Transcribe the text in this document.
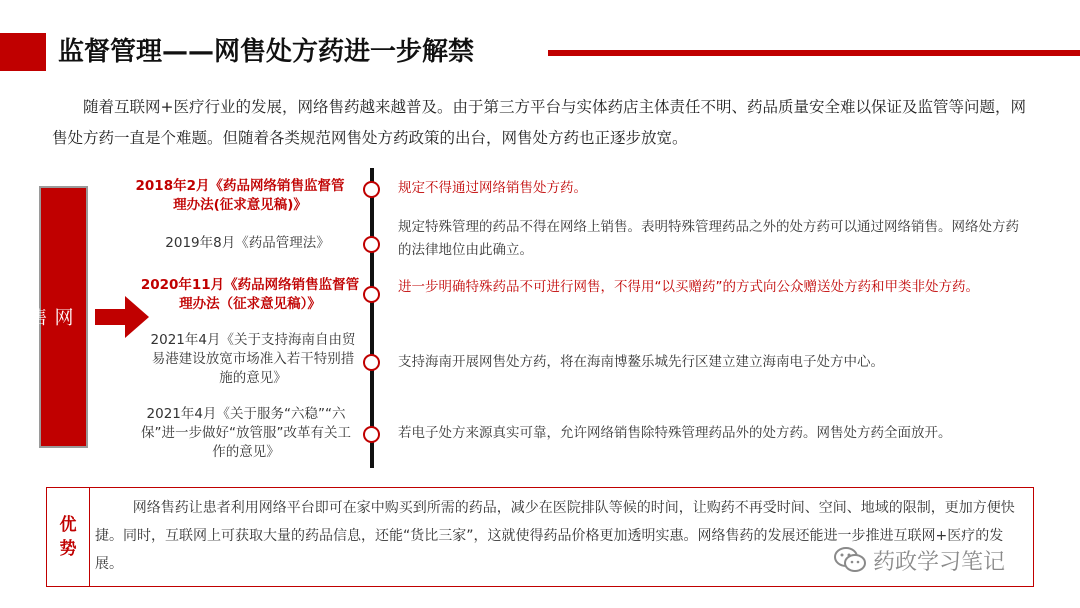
监督管理——网售处方药进一步解禁
随着互联网+医疗行业的发展，网络售药越来越普及。由于第三方平台与实体药店主体责任不明、药品质量安全难以保证及监管等问题，网售处方药一直是个难题。但随着各类规范网售处方药政策的出台，网售处方药也正逐步放宽。
网
售
处
2018年2月《药品网络销售监督管理办法(征求意见稿)》
2019年8月《药品管理法》
2020年11月《药品网络销售监督管理办法（征求意见稿）》
2021年4月《关于支持海南自由贸易港建设放宽市场准入若干特别措施的意见》
2021年4月《关于服务“六稳”“六保”进一步做好“放管服”改革有关工作的意见》
规定不得通过网络销售处方药。
规定特殊管理的药品不得在网络上销售。表明特殊管理药品之外的处方药可以通过网络销售。网络处方药的法律地位由此确立。
进一步明确特殊药品不可进行网售，不得用“以买赠药”的方式向公众赠送处方药和甲类非处方药。
支持海南开展网售处方药，将在海南博鳌乐城先行区建立建立海南电子处方中心。
若电子处方来源真实可靠，允许网络销售除特殊管理药品外的处方药。网售处方药全面放开。
优
势
网络售药让患者利用网络平台即可在家中购买到所需的药品，减少在医院排队等候的时间，让购药不再受时间、空间、地域的限制，更加方便快捷。同时，互联网上可获取大量的药品信息，还能“货比三家”，这就使得药品价格更加透明实惠。网络售药的发展还能进一步推进互联网+医疗的发展。	药政学习笔记
